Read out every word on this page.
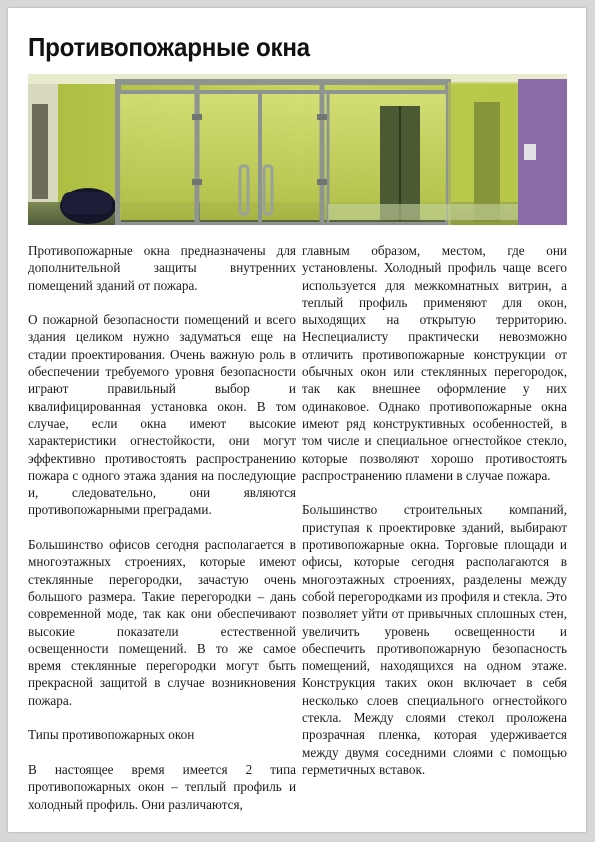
Противопожарные окна

Противопожарные окна предназначены для дополнительной защиты внутренних помещений зданий от пожара.

О пожарной безопасности помещений и всего здания целиком нужно задуматься еще на стадии проектирования. Очень важную роль в обеспечении требуемого уровня безопасности играют правильный выбор и квалифицированная установка окон. В том случае, если окна имеют высокие характеристики огнестойкости, они могут эффективно противостоять распространению пожара с одного этажа здания на последующие и, следовательно, они являются противопожарными преградами.

Большинство офисов сегодня располагается в многоэтажных строениях, которые имеют стеклянные перегородки, зачастую очень большого размера. Такие перегородки – дань современной моде, так как они обеспечивают высокие показатели естественной освещенности помещений. В то же самое время стеклянные перегородки могут быть прекрасной защитой в случае возникновения пожара.

Типы противопожарных окон

В настоящее время имеется 2 типа противопожарных окон – теплый профиль и холодный профиль. Они различаются,

главным образом, местом, где они установлены. Холодный профиль чаще всего используется для межкомнатных витрин, а теплый профиль применяют для окон, выходящих на открытую территорию. Неспециалисту практически невозможно отличить противопожарные конструкции от обычных окон или стеклянных перегородок, так как внешнее оформление у них одинаковое. Однако противопожарные окна имеют ряд конструктивных особенностей, в том числе и специальное огнестойкое стекло, которые позволяют хорошо противостоять распространению пламени в случае пожара.

Большинство строительных компаний, приступая к проектировке зданий, выбирают противопожарные окна. Торговые площади и офисы, которые сегодня располагаются в многоэтажных строениях, разделены между собой перегородками из профиля и стекла. Это позволяет уйти от привычных сплошных стен, увеличить уровень освещенности и обеспечить противопожарную безопасность помещений, находящихся на одном этаже. Конструкция таких окон включает в себя несколько слоев специального огнестойкого стекла. Между слоями стекол проложена прозрачная пленка, которая удерживается между двумя соседними слоями с помощью герметичных вставок.
